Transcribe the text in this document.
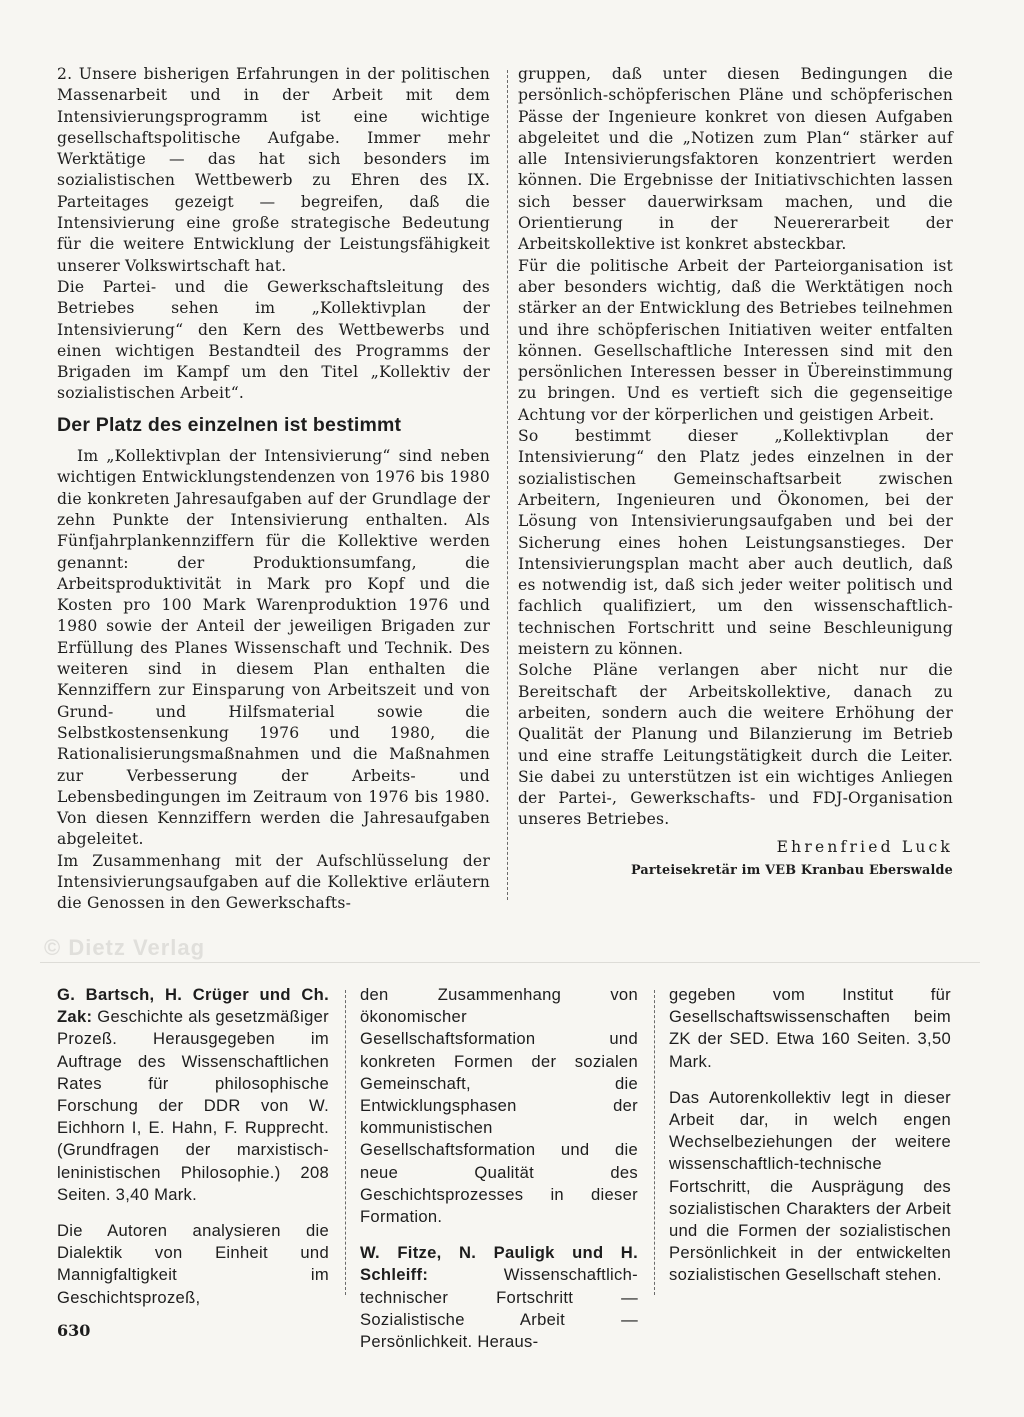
2. Unsere bisherigen Erfahrungen in der politischen Massenarbeit und in der Arbeit mit dem Intensivierungsprogramm ist eine wichtige gesellschaftspolitische Aufgabe. Immer mehr Werktätige — das hat sich besonders im sozialistischen Wettbewerb zu Ehren des IX. Parteitages gezeigt — begreifen, daß die Intensivierung eine große strategische Bedeutung für die weitere Entwicklung der Leistungsfähigkeit unserer Volkswirtschaft hat.

Die Partei- und die Gewerkschaftsleitung des Betriebes sehen im „Kollektivplan der Intensivierung“ den Kern des Wettbewerbs und einen wichtigen Bestandteil des Programms der Brigaden im Kampf um den Titel „Kollektiv der sozialistischen Arbeit“.

Der Platz des einzelnen ist bestimmt

Im „Kollektivplan der Intensivierung“ sind neben wichtigen Entwicklungstendenzen von 1976 bis 1980 die konkreten Jahresaufgaben auf der Grundlage der zehn Punkte der Intensivierung enthalten. Als Fünfjahrplankennziffern für die Kollektive werden genannt: der Produktionsumfang, die Arbeitsproduktivität in Mark pro Kopf und die Kosten pro 100 Mark Warenproduktion 1976 und 1980 sowie der Anteil der jeweiligen Brigaden zur Erfüllung des Planes Wissenschaft und Technik. Des weiteren sind in diesem Plan enthalten die Kennziffern zur Einsparung von Arbeitszeit und von Grund- und Hilfsmaterial sowie die Selbstkostensenkung 1976 und 1980, die Rationalisierungsmaßnahmen und die Maßnahmen zur Verbesserung der Arbeits- und Lebensbedingungen im Zeitraum von 1976 bis 1980. Von diesen Kennziffern werden die Jahresaufgaben abgeleitet.

Im Zusammenhang mit der Aufschlüsselung der Intensivierungsaufgaben auf die Kollektive erläutern die Genossen in den Gewerkschafts-

gruppen, daß unter diesen Bedingungen die persönlich-schöpferischen Pläne und schöpferischen Pässe der Ingenieure konkret von diesen Aufgaben abgeleitet und die „Notizen zum Plan“ stärker auf alle Intensivierungsfaktoren konzentriert werden können. Die Ergebnisse der Initiativschichten lassen sich besser dauerwirksam machen, und die Orientierung in der Neuererarbeit der Arbeitskollektive ist konkret absteckbar.

Für die politische Arbeit der Parteiorganisation ist aber besonders wichtig, daß die Werktätigen noch stärker an der Entwicklung des Betriebes teilnehmen und ihre schöpferischen Initiativen weiter entfalten können. Gesellschaftliche Interessen sind mit den persönlichen Interessen besser in Übereinstimmung zu bringen. Und es vertieft sich die gegenseitige Achtung vor der körperlichen und geistigen Arbeit.

So bestimmt dieser „Kollektivplan der Intensivierung“ den Platz jedes einzelnen in der sozialistischen Gemeinschaftsarbeit zwischen Arbeitern, Ingenieuren und Ökonomen, bei der Lösung von Intensivierungsaufgaben und bei der Sicherung eines hohen Leistungsanstieges. Der Intensivierungsplan macht aber auch deutlich, daß es notwendig ist, daß sich jeder weiter politisch und fachlich qualifiziert, um den wissenschaftlich-technischen Fortschritt und seine Beschleunigung meistern zu können.

Solche Pläne verlangen aber nicht nur die Bereitschaft der Arbeitskollektive, danach zu arbeiten, sondern auch die weitere Erhöhung der Qualität der Planung und Bilanzierung im Betrieb und eine straffe Leitungstätigkeit durch die Leiter. Sie dabei zu unterstützen ist ein wichtiges Anliegen der Partei-, Gewerkschafts- und FDJ-Organisation unseres Betriebes.

Ehrenfried Luck
Parteisekretär im VEB Kranbau Eberswalde
© Dietz Verlag

G. Bartsch, H. Crüger und Ch. Zak: Geschichte als gesetzmäßiger Prozeß. Herausgegeben im Auftrage des Wissenschaftlichen Rates für philosophische Forschung der DDR von W. Eichhorn I, E. Hahn, F. Rupprecht. (Grundfragen der marxistisch-leninistischen Philosophie.) 208 Seiten. 3,40 Mark.

Die Autoren analysieren die Dialektik von Einheit und Mannigfaltigkeit im Geschichtsprozeß,

den Zusammenhang von ökonomischer Gesellschaftsformation und konkreten Formen der sozialen Gemeinschaft, die Entwicklungsphasen der kommunistischen Gesellschaftsformation und die neue Qualität des Geschichtsprozesses in dieser Formation.

W. Fitze, N. Pauligk und H. Schleiff:	Wissenschaftlich-technischer Fortschritt — Sozialistische Arbeit — Persönlichkeit. Heraus-

gegeben vom Institut für Gesellschaftswissenschaften beim ZK der SED. Etwa 160 Seiten. 3,50 Mark.

Das Autorenkollektiv legt in dieser Arbeit dar, in welch engen Wechselbeziehungen der weitere wissenschaftlich-technische Fortschritt, die Ausprägung des sozialistischen Charakters der Arbeit und die Formen der sozialistischen Persönlichkeit in der entwickelten sozialistischen Gesellschaft stehen.

630
